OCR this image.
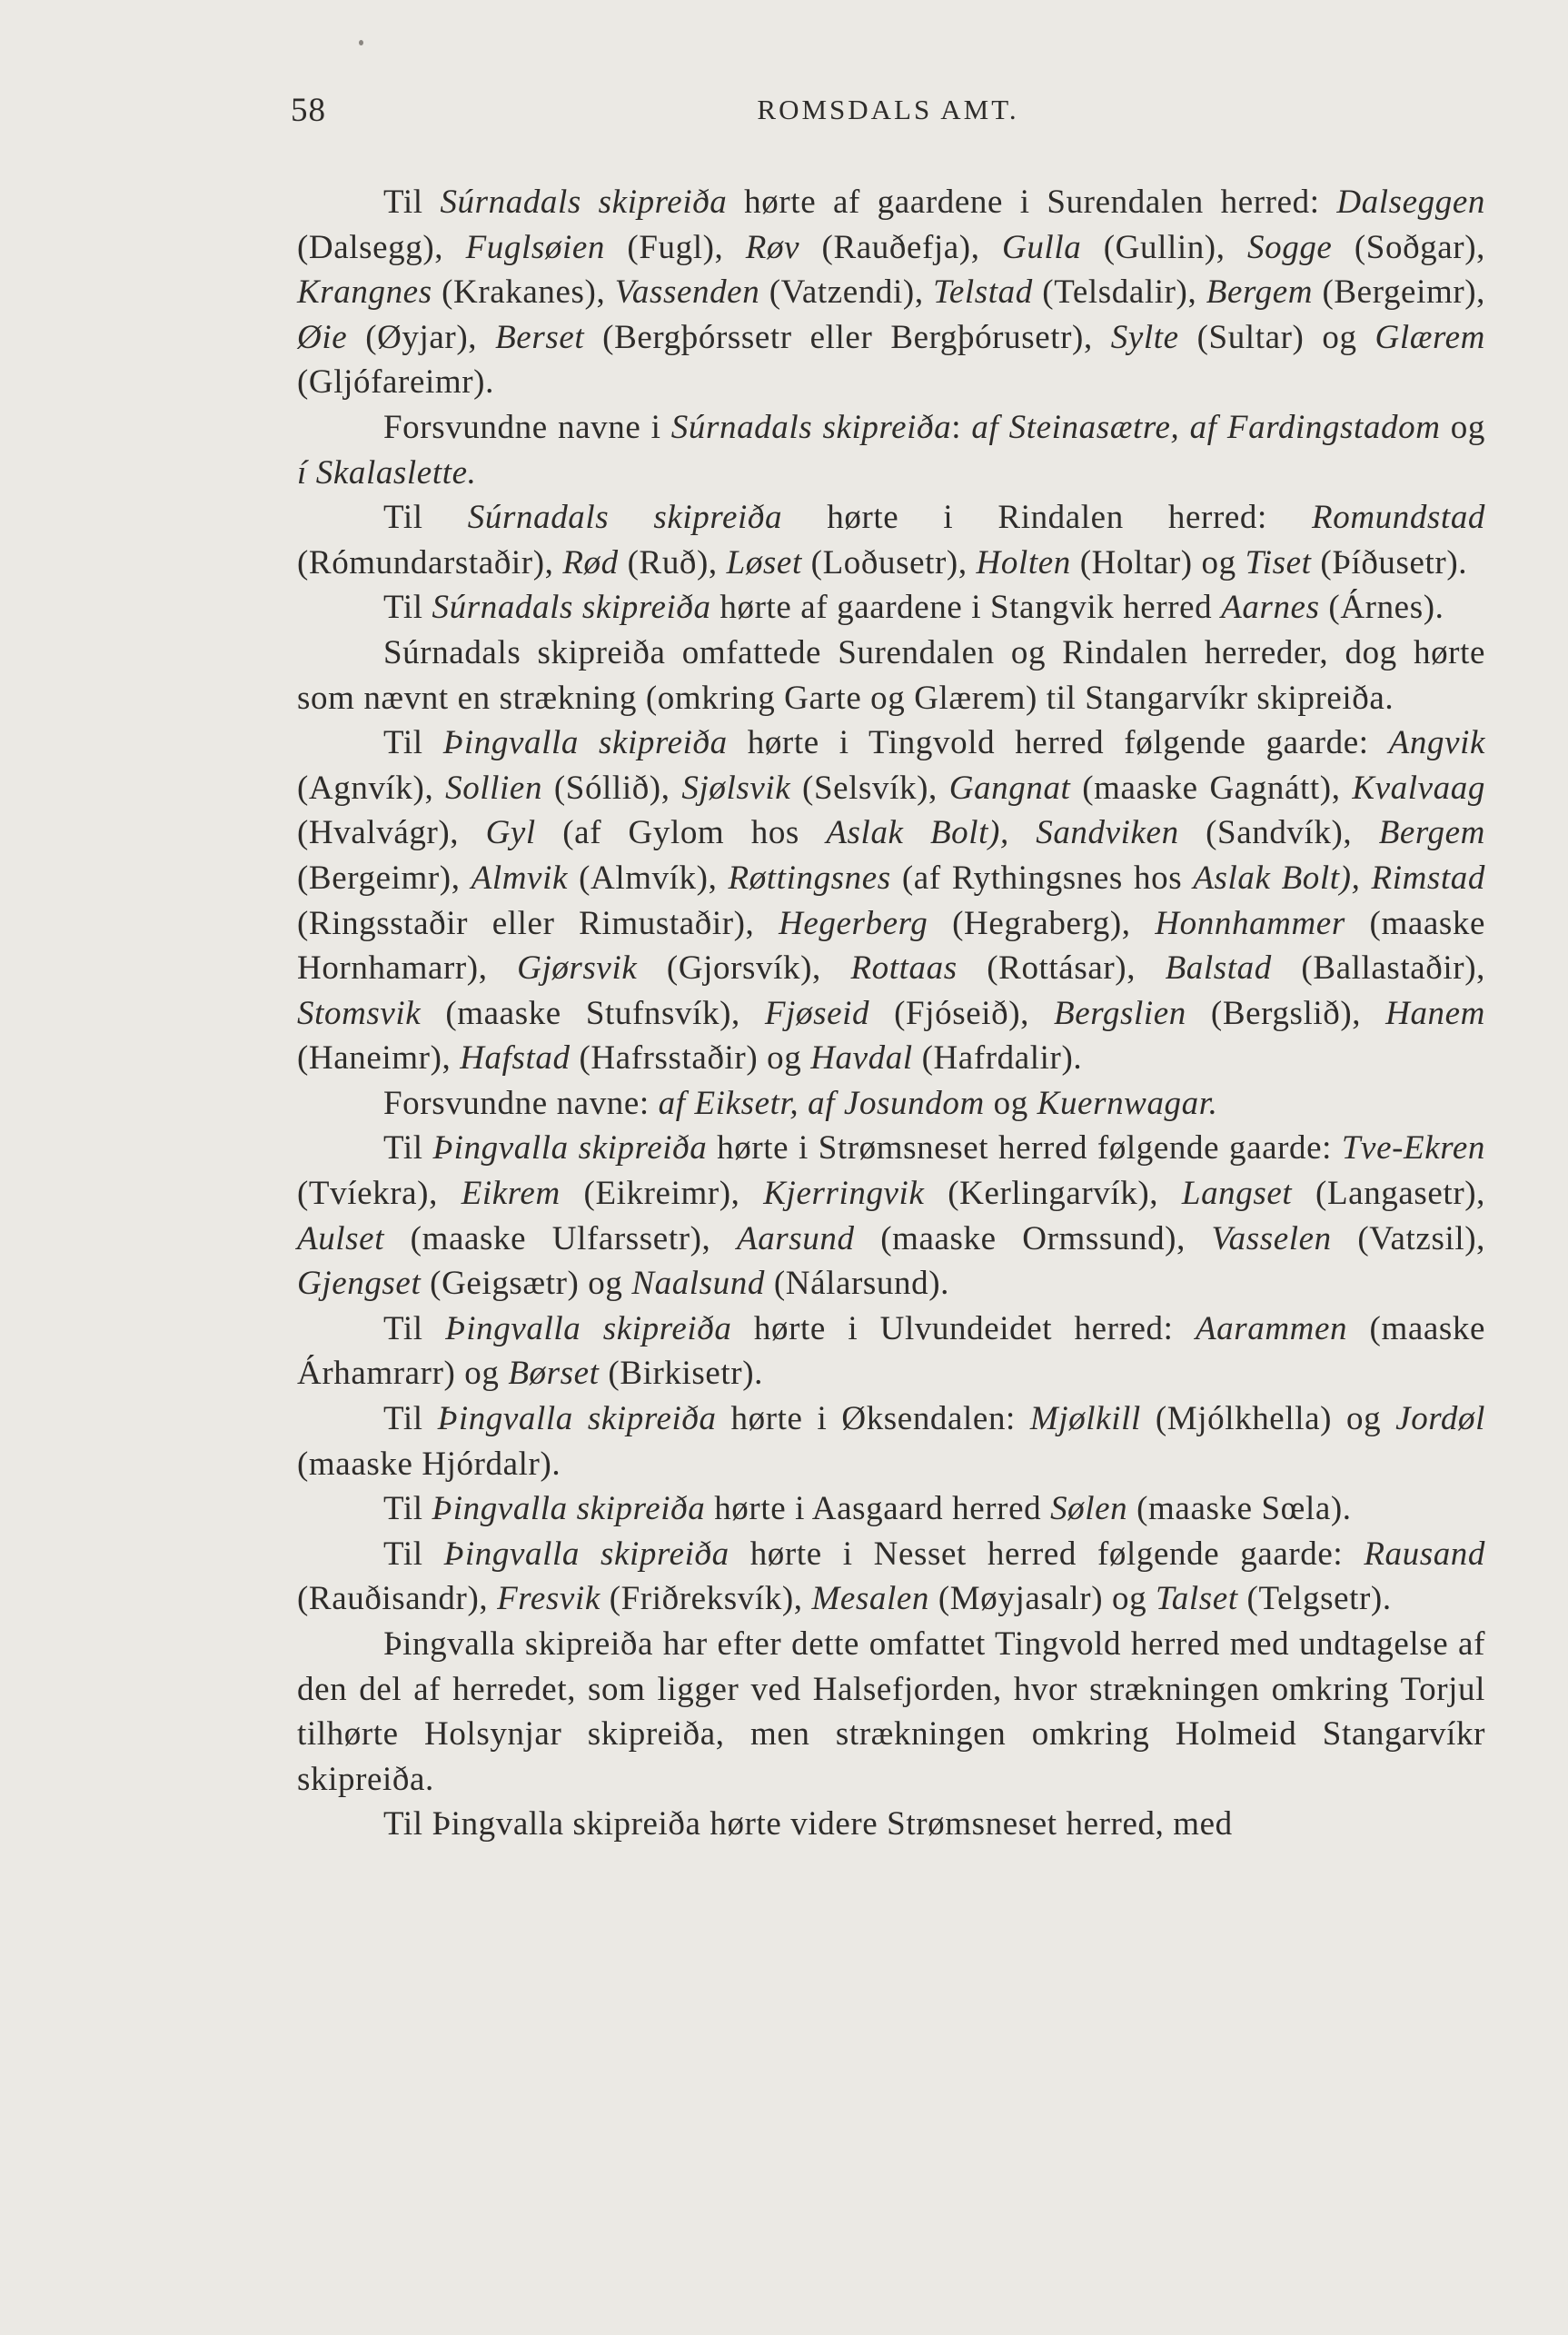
58	ROMSDALS AMT.

Til Súrnadals skipreiða hørte af gaardene i Surendalen herred: Dalseggen (Dalsegg), Fuglsøien (Fugl), Røv (Rauðefja), Gulla (Gullin), Sogge (Soðgar), Krangnes (Krakanes), Vassenden (Vatzendi), Telstad (Telsdalir), Bergem (Bergeimr), Øie (Øyjar), Berset (Bergþórssetr eller Bergþórusetr), Sylte (Sultar) og Glærem (Gljófareimr).

Forsvundne navne i Súrnadals skipreiða: af Steinasætre, af Fardingstadom og í Skalaslette.

Til Súrnadals skipreiða hørte i Rindalen herred: Romundstad (Rómundarstaðir), Rød (Ruð), Løset (Loðusetr), Holten (Holtar) og Tiset (Þíðusetr).

Til Súrnadals skipreiða hørte af gaardene i Stangvik herred Aarnes (Árnes).

Súrnadals skipreiða omfattede Surendalen og Rindalen herreder, dog hørte som nævnt en strækning (omkring Garte og Glærem) til Stangarvíkr skipreiða.

Til Þingvalla skipreiða hørte i Tingvold herred følgende gaarde: Angvik (Agnvík), Sollien (Sóllið), Sjølsvik (Selsvík), Gangnat (maaske Gagnátt), Kvalvaag (Hvalvágr), Gyl (af Gylom hos Aslak Bolt), Sandviken (Sandvík), Bergem (Bergeimr), Almvik (Almvík), Røttingsnes (af Rythingsnes hos Aslak Bolt), Rimstad (Ringsstaðir eller Rimustaðir), Hegerberg (Hegraberg), Honnhammer (maaske Hornhamarr), Gjørsvik (Gjorsvík), Rottaas (Rottásar), Balstad (Ballastaðir), Stomsvik (maaske Stufnsvík), Fjøseid (Fjóseið), Bergslien (Bergslið), Hanem (Haneimr), Hafstad (Hafrsstaðir) og Havdal (Hafrdalir).

Forsvundne navne: af Eiksetr, af Josundom og Kuernwagar.

Til Þingvalla skipreiða hørte i Strømsneset herred følgende gaarde: Tve-Ekren (Tvíekra), Eikrem (Eikreimr), Kjerringvik (Kerlingarvík), Langset (Langasetr), Aulset (maaske Ulfarssetr), Aarsund (maaske Ormssund), Vasselen (Vatzsil), Gjengset (Geigsætr) og Naalsund (Nálarsund).

Til Þingvalla skipreiða hørte i Ulvundeidet herred: Aarammen (maaske Árhamrarr) og Børset (Birkisetr).

Til Þingvalla skipreiða hørte i Øksendalen: Mjølkill (Mjólkhella) og Jordøl (maaske Hjórdalr).

Til Þingvalla skipreiða hørte i Aasgaard herred Sølen (maaske Sœla).

Til Þingvalla skipreiða hørte i Nesset herred følgende gaarde: Rausand (Rauðisandr), Fresvik (Friðreksvík), Mesalen (Møyjasalr) og Talset (Telgsetr).

Þingvalla skipreiða har efter dette omfattet Tingvold herred med undtagelse af den del af herredet, som ligger ved Halsefjorden, hvor strækningen omkring Torjul tilhørte Holsynjar skipreiða, men strækningen omkring Holmeid Stangarvíkr skipreiða.

Til Þingvalla skipreiða hørte videre Strømsneset herred, med
